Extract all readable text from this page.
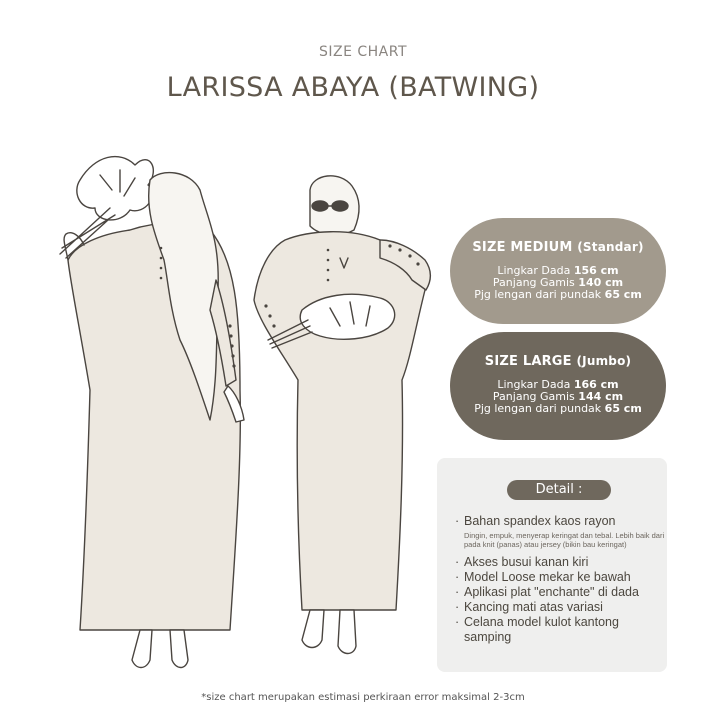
SIZE CHART
LARISSA ABAYA (BATWING)
SIZE MEDIUM (Standar)
Lingkar Dada 156 cm
Panjang Gamis 140 cm
Pjg lengan dari pundak 65 cm
SIZE LARGE (Jumbo)
Lingkar Dada 166 cm
Panjang Gamis 144 cm
Pjg lengan dari pundak 65 cm
Detail :
· Bahan spandex kaos rayon
Dingin, empuk, menyerap keringat dan tebal. Lebih baik dari pada knit (panas) atau jersey (bikin bau keringat)
· Akses busui kanan kiri
· Model Loose mekar ke bawah
· Aplikasi plat "enchante" di dada
· Kancing mati atas variasi
· Celana model kulot kantong samping
*size chart merupakan estimasi perkiraan error maksimal 2-3cm
